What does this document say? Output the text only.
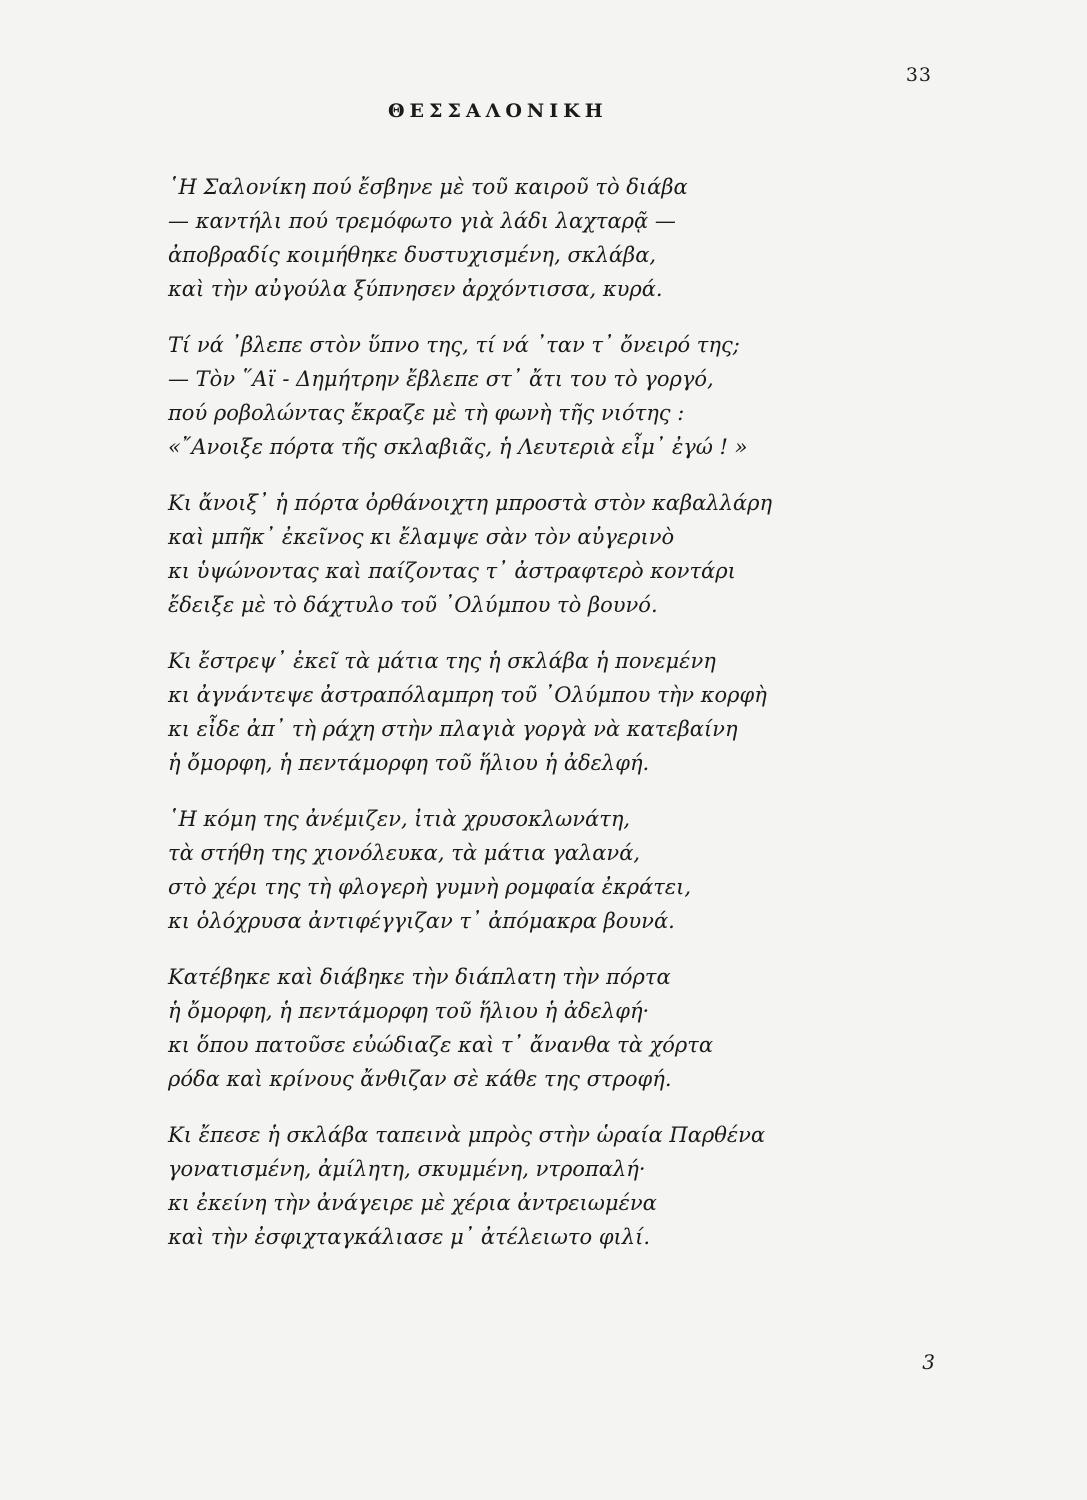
33
ΘΕΣΣΑΛΟΝΙΚΗ
῾Η Σαλονίκη πού ἔσβηνε μὲ τοῦ καιροῦ τὸ διάβα
— καντήλι πού τρεμόφωτο γιὰ λάδι λαχταρᾷ —
ἀποβραδίς κοιμήθηκε δυστυχισμένη, σκλάβα,
καὶ τὴν αὐγούλα ξύπνησεν ἀρχόντισσα, κυρά.
Τί νά ᾿βλεπε στὸν ὕπνο της, τί νά ᾿ταν τ᾿ ὄνειρό της;
— Τὸν ῞Αϊ - Δημήτρην ἔβλεπε στ᾿ ἄτι του τὸ γοργό,
πού ροβολώντας ἔκραζε μὲ τὴ φωνὴ τῆς νιότης :
«῎Ανοιξε πόρτα τῆς σκλαβιᾶς, ἡ Λευτεριὰ εἶμ᾿ ἐγώ ! »
Κι ἄνοιξ᾿ ἡ πόρτα ὀρθάνοιχτη μπροστὰ στὸν καβαλλάρη
καὶ μπῆκ᾿ ἐκεῖνος κι ἔλαμψε σὰν τὸν αὐγερινὸ
κι ὑψώνοντας καὶ παίζοντας τ᾿ ἀστραφτερὸ κοντάρι
ἔδειξε μὲ τὸ δάχτυλο τοῦ ᾿Ολύμπου τὸ βουνό.
Κι ἔστρεψ᾿ ἐκεῖ τὰ μάτια της ἡ σκλάβα ἡ πονεμένη
κι ἀγνάντεψε ἀστραπόλαμπρη τοῦ ᾿Ολύμπου τὴν κορφὴ
κι εἶδε ἀπ᾿ τὴ ράχη στὴν πλαγιὰ γοργὰ νὰ κατεβαίνη
ἡ ὄμορφη, ἡ πεντάμορφη τοῦ ἥλιου ἡ ἀδελφή.
῾Η κόμη της ἀνέμιζεν, ἰτιὰ χρυσοκλωνάτη,
τὰ στήθη της χιονόλευκα, τὰ μάτια γαλανά,
στὸ χέρι της τὴ φλογερὴ γυμνὴ ρομφαία ἐκράτει,
κι ὁλόχρυσα ἀντιφέγγιζαν τ᾿ ἀπόμακρα βουνά.
Κατέβηκε καὶ διάβηκε τὴν διάπλατη τὴν πόρτα
ἡ ὄμορφη, ἡ πεντάμορφη τοῦ ἥλιου ἡ ἀδελφή·
κι ὅπου πατοῦσε εὐώδιαζε καὶ τ᾿ ἄνανθα τὰ χόρτα
ρόδα καὶ κρίνους ἄνθιζαν σὲ κάθε της στροφή.
Κι ἔπεσε ἡ σκλάβα ταπεινὰ μπρὸς στὴν ὡραία Παρθένα
γονατισμένη, ἀμίλητη, σκυμμένη, ντροπαλή·
κι ἐκείνη τὴν ἀνάγειρε μὲ χέρια ἀντρειωμένα
καὶ τὴν ἐσφιχταγκάλιασε μ᾿ ἀτέλειωτο φιλί.
3
